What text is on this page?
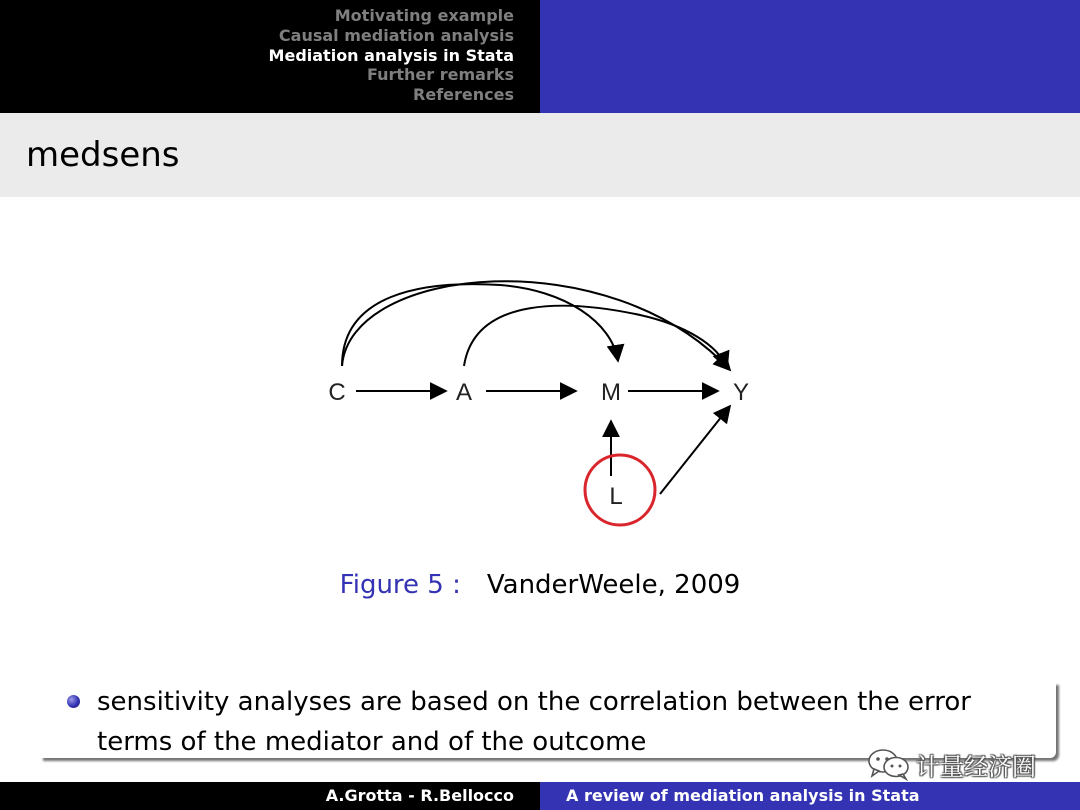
Motivating example
Causal mediation analysis
Mediation analysis in Stata
Further remarks
References
medsens
C	A	M	Y
L
Figure 5 : VanderWeele, 2009
sensitivity analyses are based on the correlation between the error terms of the mediator and of the outcome
计量经济圈
A.Grotta - R.Bellocco	A review of mediation analysis in Stata
